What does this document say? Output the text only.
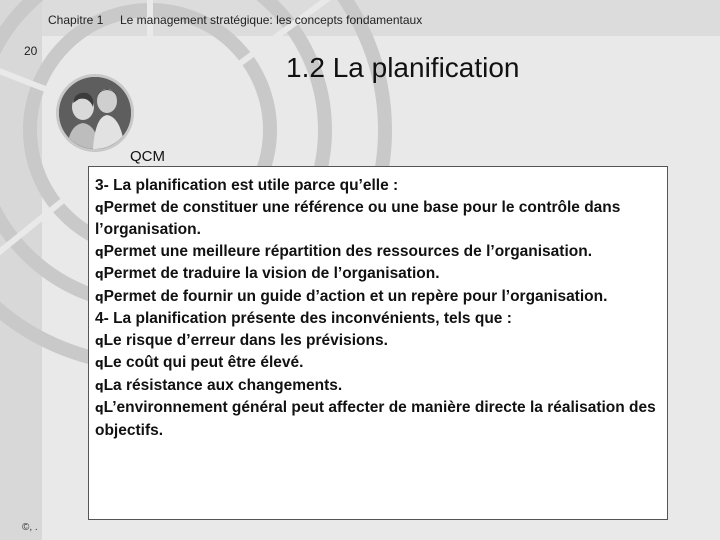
Chapitre 1 Le management stratégique: les concepts fondamentaux
20
1.2 La planification
QCM

3- La planification est utile parce qu’elle :

qPermet de constituer une référence ou une base pour le contrôle dans l’organisation.

qPermet une meilleure répartition des ressources de l’organisation.

qPermet de traduire la vision de l’organisation.

qPermet de fournir un guide d’action et un repère pour l’organisation.

4- La planification présente des inconvénients, tels que :

qLe risque d’erreur dans les prévisions.

qLe coût qui peut être élevé.

qLa résistance aux changements.

qL’environnement général peut affecter de manière directe la réalisation des objectifs.

©, .
